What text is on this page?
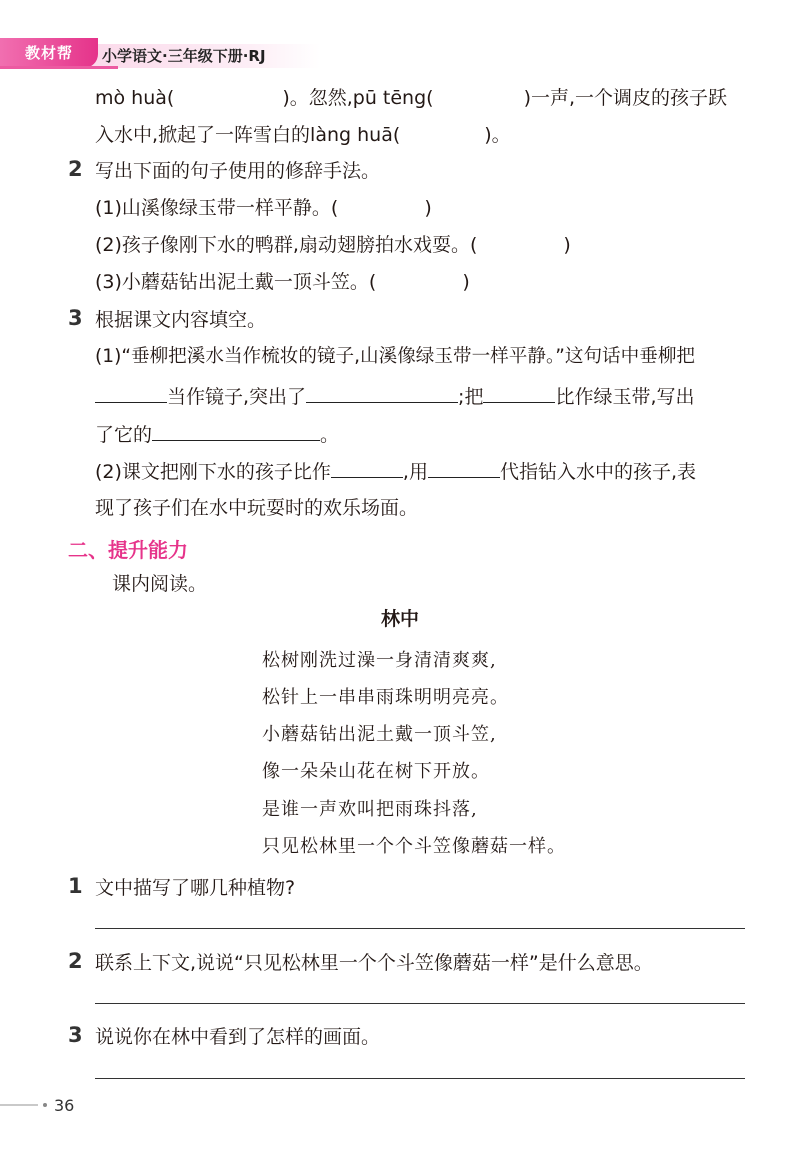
小学语文·三年级下册·RJ
教材帮
mò huà(	)。忽然,pū tēng(	)一声,一个调皮的孩子跃
入水中,掀起了一阵雪白的làng huā(	)。
2 写出下面的句子使用的修辞手法。
(1)山溪像绿玉带一样平静。(	)
(2)孩子像刚下水的鸭群,扇动翅膀拍水戏耍。(	)
(3)小蘑菇钻出泥土戴一顶斗笠。(	)
3 根据课文内容填空。
(1)“垂柳把溪水当作梳妆的镜子,山溪像绿玉带一样平静。”这句话中垂柳把
当作镜子,突出了	;把	比作绿玉带,写出
了它的	。
(2)课文把刚下水的孩子比作	,用	代指钻入水中的孩子,表
现了孩子们在水中玩耍时的欢乐场面。
二、提升能力
课内阅读。
林中
松树刚洗过澡一身清清爽爽,
松针上一串串雨珠明明亮亮。
小蘑菇钻出泥土戴一顶斗笠,
像一朵朵山花在树下开放。
是谁一声欢叫把雨珠抖落,
只见松林里一个个斗笠像蘑菇一样。
1 文中描写了哪几种植物?
2 联系上下文,说说“只见松林里一个个斗笠像蘑菇一样”是什么意思。
3 说说你在林中看到了怎样的画面。
36
